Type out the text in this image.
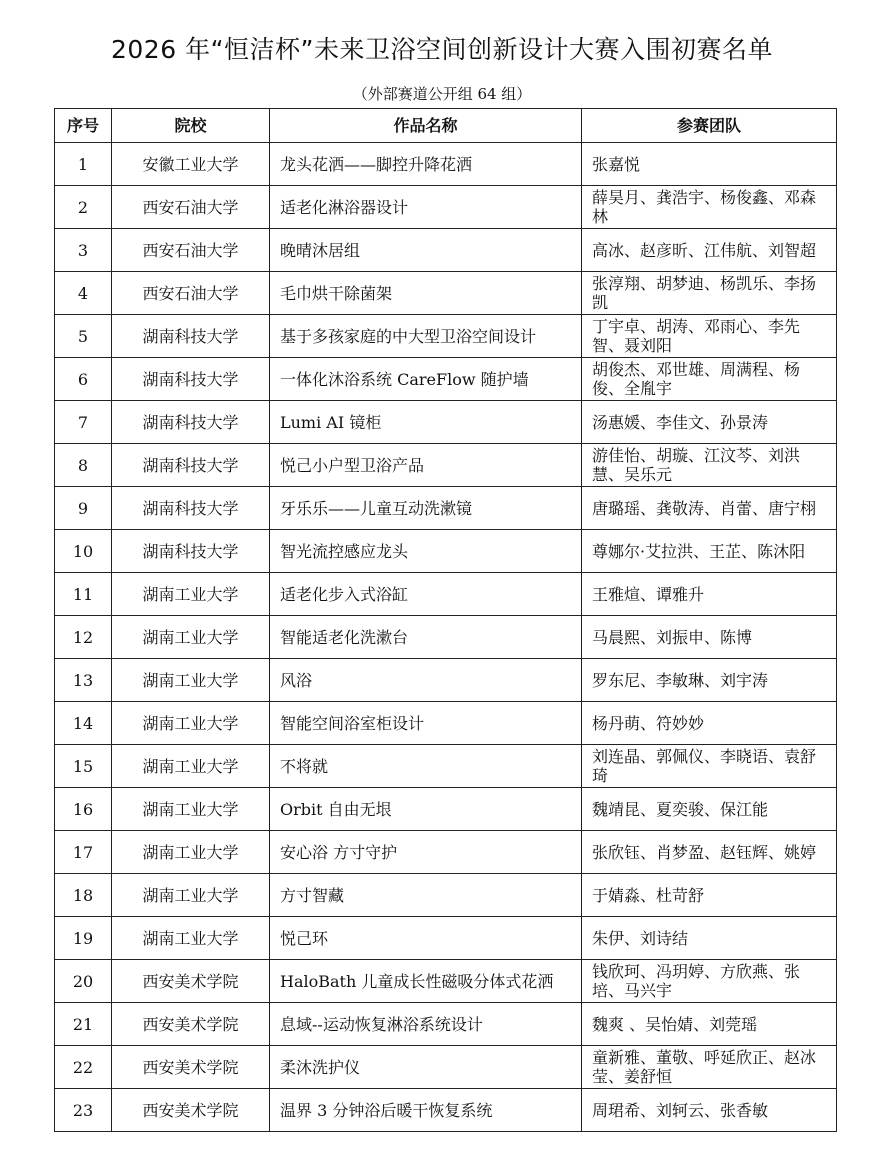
2026 年“恒洁杯”未来卫浴空间创新设计大赛入围初赛名单
（外部赛道公开组 64 组）
序号	院校	作品名称	参赛团队
1	安徽工业大学	龙头花洒——脚控升降花洒	张嘉悦
2	西安石油大学	适老化淋浴器设计	薛昊月、龚浩宇、杨俊鑫、邓森林
3	西安石油大学	晚晴沐居组	高冰、赵彦昕、江伟航、刘智超
4	西安石油大学	毛巾烘干除菌架	张淳翔、胡梦迪、杨凯乐、李扬凯
5	湖南科技大学	基于多孩家庭的中大型卫浴空间设计	丁宇卓、胡涛、邓雨心、李先智、聂刘阳
6	湖南科技大学	一体化沐浴系统 CareFlow 随护墙	胡俊杰、邓世雄、周满程、杨俊、全胤宇
7	湖南科技大学	Lumi AI 镜柜	汤惠媛、李佳文、孙景涛
8	湖南科技大学	悦己小户型卫浴产品	游佳怡、胡璇、江汶芩、刘洪慧、吴乐元
9	湖南科技大学	牙乐乐——儿童互动洗漱镜	唐璐瑶、龚敬涛、肖蕾、唐宁栩
10	湖南科技大学	智光流控感应龙头	尊娜尔·艾拉洪、王芷、陈沐阳
11	湖南工业大学	适老化步入式浴缸	王雅煊、谭雅升
12	湖南工业大学	智能适老化洗漱台	马晨熙、刘振申、陈博
13	湖南工业大学	风浴	罗东尼、李敏琳、刘宇涛
14	湖南工业大学	智能空间浴室柜设计	杨丹萌、符妙妙
15	湖南工业大学	不将就	刘连晶、郭佩仪、李晓语、袁舒琦
16	湖南工业大学	Orbit 自由无垠	魏靖昆、夏奕骏、保江能
17	湖南工业大学	安心浴 方寸守护	张欣钰、肖梦盈、赵钰辉、姚婷
18	湖南工业大学	方寸智藏	于婧淼、杜苛舒
19	湖南工业大学	悦己环	朱伊、刘诗结
20	西安美术学院	HaloBath 儿童成长性磁吸分体式花洒	钱欣珂、冯玥婷、方欣燕、张培、马兴宇
21	西安美术学院	息域--运动恢复淋浴系统设计	魏爽 、吴怡婧、刘莞瑶
22	西安美术学院	柔沐洗护仪	童新雅、董敬、呼延欣正、赵冰莹、姜舒恒
23	西安美术学院	温界 3 分钟浴后暖干恢复系统	周珺希、刘轲云、张香敏
